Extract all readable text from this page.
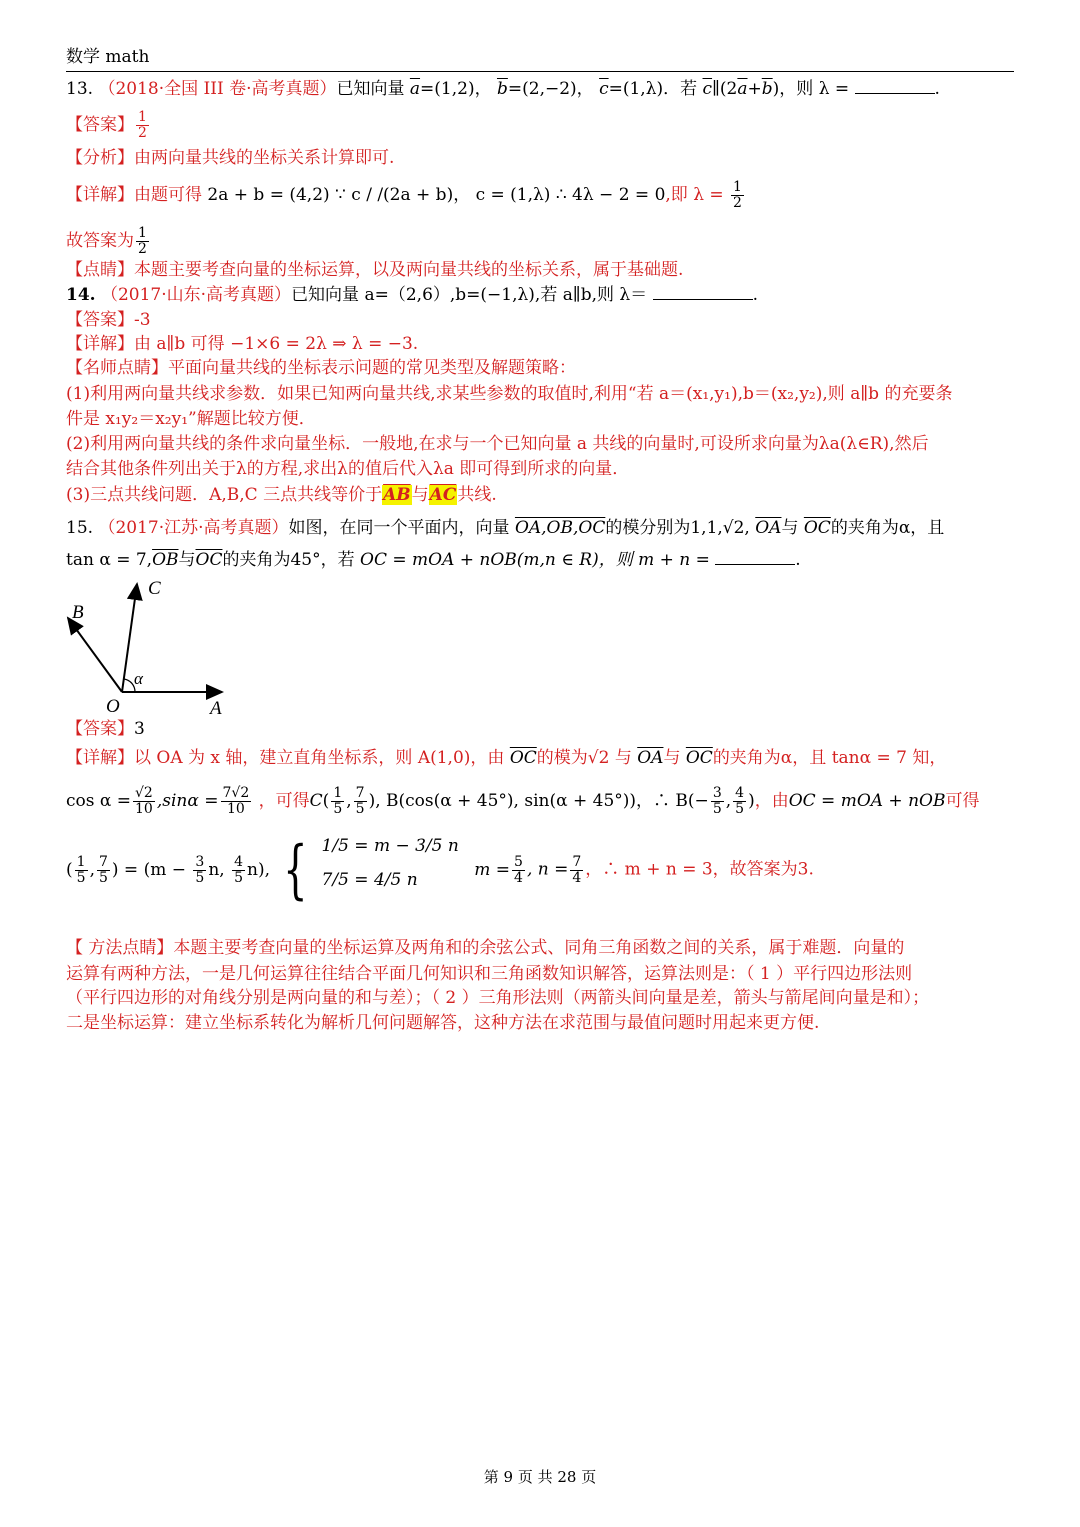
数学 math
13. （2018·全国 III 卷·高考真题）已知向量 $\overline{a}=(1,2)$， $\overline{b}=(2,-2)$， $\overline{c}=(1,\lambda)$．若 $\overline{c}\parallel(2\overline{a}+\overline{b})$，则 λ =	.
【答案】 $\frac{1}{2}$
【分析】由两向量共线的坐标关系计算即可.
【详解】由题可得 2a + b = (4,2) ∵ c / /(2a + b)， c = (1,λ) ∴ 4λ − 2 = 0,即 $\lambda = \frac{1}{2}$
故答案为 $\frac{1}{2}$
【点睛】本题主要考查向量的坐标运算，以及两向量共线的坐标关系，属于基础题.
14. （2017·山东·高考真题）已知向量 a=（2,6）,b=(−1,λ),若 a∥b,则 λ＝	.
【答案】-3
【详解】由 a∥b 可得 −1×6 = 2λ ⇒ λ = −3.
【名师点睛】平面向量共线的坐标表示问题的常见类型及解题策略：
(1)利用两向量共线求参数．如果已知两向量共线,求某些参数的取值时,利用“若 a＝(x₁,y₁),b＝(x₂,y₂),则 a∥b 的充要条
件是 x₁y₂＝x₂y₁”解题比较方便．
(2)利用两向量共线的条件求向量坐标．一般地,在求与一个已知向量 a 共线的向量时,可设所求向量为λa(λ∈R),然后
结合其他条件列出关于λ的方程,求出λ的值后代入λa 即可得到所求的向量．
(3)三点共线问题．A,B,C 三点共线等价于$\overline{AB}$与$\overline{AC}$共线.
15. （2017·江苏·高考真题）如图，在同一个平面内，向量 OA,OB,OC的模分别为1,1,√2, $\overline{OA}$与 $\overline{OC}$的夹角为α，且
$\tan \alpha = 7,\overline{OB}$与$\overline{OC}$的夹角为45°，若 OC = mOA + nOB(m,n ∈ R)，则 m + n =	.
B
C
O	A
α
【答案】3
【详解】以 OA 为 x 轴，建立直角坐标系，则 A(1,0)，由 $\overline{OC}$的模为√2 与 $\overline{OA}$与 $\overline{OC}$的夹角为α，且 tanα = 7 知，
$\cos \alpha = \frac{√2}{10} ,\sin\alpha = \frac{7√2}{10}$ ，可得$C( \frac{1}{5}$ , $\frac{7}{5}$ ), B(cos(α + 45°), sin(α + 45°))，∴ $B(- \frac{3}{5}$ , $\frac{4}{5}$ )，由OC = mOA + nOB可得
( $\frac{1}{5}$ , $\frac{7}{5}$ ) = ($m - \frac{3}{5} n$, $\frac{4}{5} n$), { 1/5 = m − 3/5 n
7/5 = 4/5 n
$m = \frac{5}{4}$ , $n = \frac{7}{4}$ ，∴ m + n = 3，故答案为3.
【 方法点睛】本题主要考查向量的坐标运算及两角和的余弦公式、同角三角函数之间的关系，属于难题．向量的
运算有两种方法，一是几何运算往往结合平面几何知识和三角函数知识解答，运算法则是：（ 1 ）平行四边形法则
（平行四边形的对角线分别是两向量的和与差）；（ 2 ）三角形法则（两箭头间向量是差，箭头与箭尾间向量是和）；
二是坐标运算：建立坐标系转化为解析几何问题解答，这种方法在求范围与最值问题时用起来更方便.
第 9 页 共 28 页
